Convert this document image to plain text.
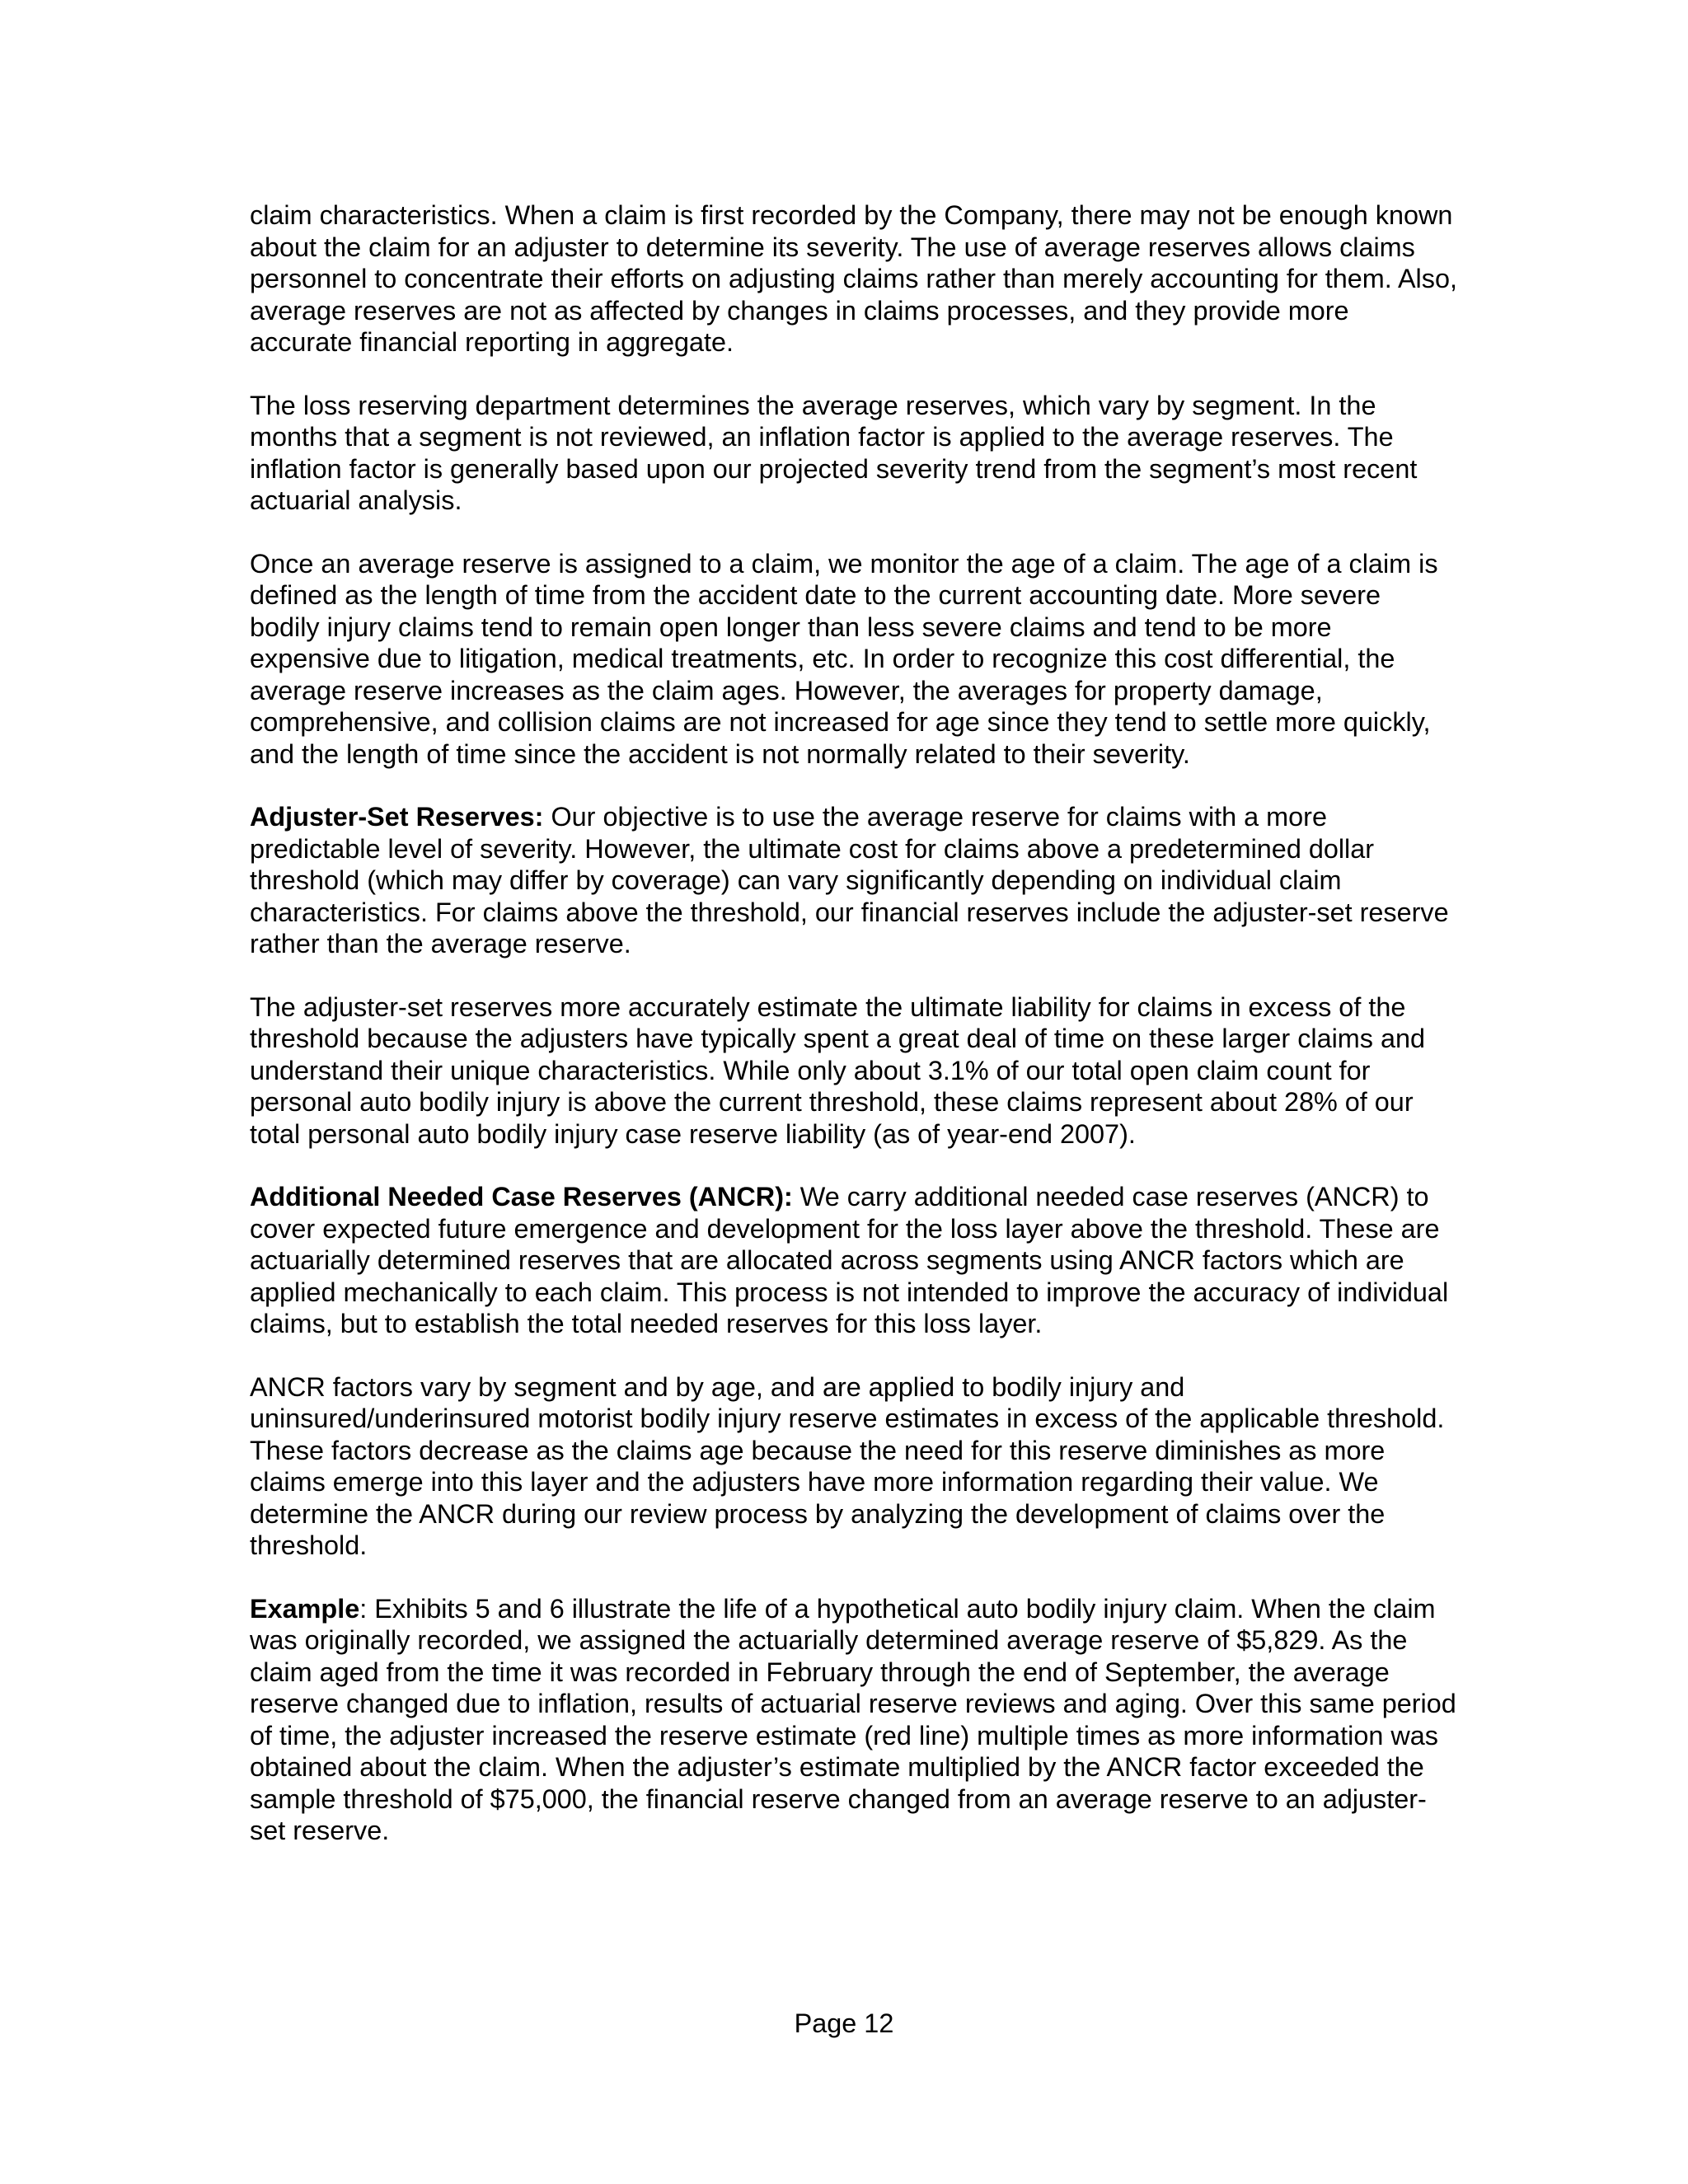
claim characteristics. When a claim is first recorded by the Company, there may not be enough known about the claim for an adjuster to determine its severity. The use of average reserves allows claims personnel to concentrate their efforts on adjusting claims rather than merely accounting for them. Also, average reserves are not as affected by changes in claims processes, and they provide more accurate financial reporting in aggregate.

The loss reserving department determines the average reserves, which vary by segment. In the months that a segment is not reviewed, an inflation factor is applied to the average reserves. The inflation factor is generally based upon our projected severity trend from the segment’s most recent actuarial analysis.

Once an average reserve is assigned to a claim, we monitor the age of a claim. The age of a claim is defined as the length of time from the accident date to the current accounting date. More severe bodily injury claims tend to remain open longer than less severe claims and tend to be more expensive due to litigation, medical treatments, etc. In order to recognize this cost differential, the average reserve increases as the claim ages. However, the averages for property damage, comprehensive, and collision claims are not increased for age since they tend to settle more quickly, and the length of time since the accident is not normally related to their severity.

Adjuster-Set Reserves: Our objective is to use the average reserve for claims with a more predictable level of severity. However, the ultimate cost for claims above a predetermined dollar threshold (which may differ by coverage) can vary significantly depending on individual claim characteristics. For claims above the threshold, our financial reserves include the adjuster-set reserve rather than the average reserve.

The adjuster-set reserves more accurately estimate the ultimate liability for claims in excess of the threshold because the adjusters have typically spent a great deal of time on these larger claims and understand their unique characteristics. While only about 3.1% of our total open claim count for personal auto bodily injury is above the current threshold, these claims represent about 28% of our total personal auto bodily injury case reserve liability (as of year-end 2007).

Additional Needed Case Reserves (ANCR): We carry additional needed case reserves (ANCR) to cover expected future emergence and development for the loss layer above the threshold. These are actuarially determined reserves that are allocated across segments using ANCR factors which are applied mechanically to each claim. This process is not intended to improve the accuracy of individual claims, but to establish the total needed reserves for this loss layer.

ANCR factors vary by segment and by age, and are applied to bodily injury and uninsured/underinsured motorist bodily injury reserve estimates in excess of the applicable threshold. These factors decrease as the claims age because the need for this reserve diminishes as more claims emerge into this layer and the adjusters have more information regarding their value. We determine the ANCR during our review process by analyzing the development of claims over the threshold.

Example: Exhibits 5 and 6 illustrate the life of a hypothetical auto bodily injury claim. When the claim was originally recorded, we assigned the actuarially determined average reserve of $5,829. As the claim aged from the time it was recorded in February through the end of September, the average reserve changed due to inflation, results of actuarial reserve reviews and aging. Over this same period of time, the adjuster increased the reserve estimate (red line) multiple times as more information was obtained about the claim. When the adjuster’s estimate multiplied by the ANCR factor exceeded the sample threshold of $75,000, the financial reserve changed from an average reserve to an adjuster-set reserve.

Page 12
